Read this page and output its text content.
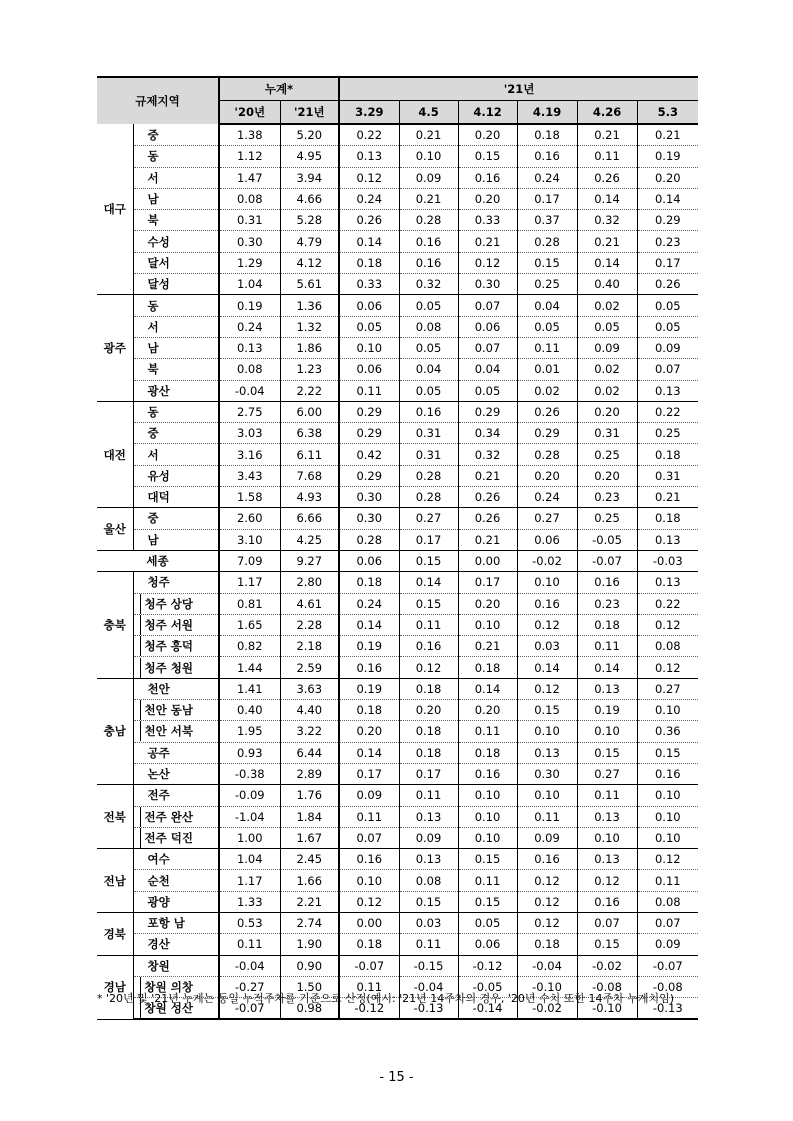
규제지역		누계*		'21년					
		'20년	'21년	3.29	4.5	4.12	4.19	4.26	5.3
대구	중	1.38	5.20	0.22	0.21	0.20	0.18	0.21	0.21
	동	1.12	4.95	0.13	0.10	0.15	0.16	0.11	0.19
	서	1.47	3.94	0.12	0.09	0.16	0.24	0.26	0.20
	남	0.08	4.66	0.24	0.21	0.20	0.17	0.14	0.14
	북	0.31	5.28	0.26	0.28	0.33	0.37	0.32	0.29
	수성	0.30	4.79	0.14	0.16	0.21	0.28	0.21	0.23
	달서	1.29	4.12	0.18	0.16	0.12	0.15	0.14	0.17
	달성	1.04	5.61	0.33	0.32	0.30	0.25	0.40	0.26
광주	동	0.19	1.36	0.06	0.05	0.07	0.04	0.02	0.05
	서	0.24	1.32	0.05	0.08	0.06	0.05	0.05	0.05
	남	0.13	1.86	0.10	0.05	0.07	0.11	0.09	0.09
	북	0.08	1.23	0.06	0.04	0.04	0.01	0.02	0.07
	광산	-0.04	2.22	0.11	0.05	0.05	0.02	0.02	0.13
대전	동	2.75	6.00	0.29	0.16	0.29	0.26	0.20	0.22
	중	3.03	6.38	0.29	0.31	0.34	0.29	0.31	0.25
	서	3.16	6.11	0.42	0.31	0.32	0.28	0.25	0.18
	유성	3.43	7.68	0.29	0.28	0.21	0.20	0.20	0.31
	대덕	1.58	4.93	0.30	0.28	0.26	0.24	0.23	0.21
울산	중	2.60	6.66	0.30	0.27	0.26	0.27	0.25	0.18
	남	3.10	4.25	0.28	0.17	0.21	0.06	-0.05	0.13
세종		7.09	9.27	0.06	0.15	0.00	-0.02	-0.07	-0.03
충북	청주	1.17	2.80	0.18	0.14	0.17	0.10	0.16	0.13
	청주 상당	0.81	4.61	0.24	0.15	0.20	0.16	0.23	0.22
	청주 서원	1.65	2.28	0.14	0.11	0.10	0.12	0.18	0.12
	청주 흥덕	0.82	2.18	0.19	0.16	0.21	0.03	0.11	0.08
	청주 청원	1.44	2.59	0.16	0.12	0.18	0.14	0.14	0.12
충남	천안	1.41	3.63	0.19	0.18	0.14	0.12	0.13	0.27
	천안 동남	0.40	4.40	0.18	0.20	0.20	0.15	0.19	0.10
	천안 서북	1.95	3.22	0.20	0.18	0.11	0.10	0.10	0.36
	공주	0.93	6.44	0.14	0.18	0.18	0.13	0.15	0.15
	논산	-0.38	2.89	0.17	0.17	0.16	0.30	0.27	0.16
전북	전주	-0.09	1.76	0.09	0.11	0.10	0.10	0.11	0.10
	전주 완산	-1.04	1.84	0.11	0.13	0.10	0.11	0.13	0.10
	전주 덕진	1.00	1.67	0.07	0.09	0.10	0.09	0.10	0.10
전남	여수	1.04	2.45	0.16	0.13	0.15	0.16	0.13	0.12
	순천	1.17	1.66	0.10	0.08	0.11	0.12	0.12	0.11
	광양	1.33	2.21	0.12	0.15	0.15	0.12	0.16	0.08
경북	포항 남	0.53	2.74	0.00	0.03	0.05	0.12	0.07	0.07
	경산	0.11	1.90	0.18	0.11	0.06	0.18	0.15	0.09
경남	창원	-0.04	0.90	-0.07	-0.15	-0.12	-0.04	-0.02	-0.07
	창원 의창	-0.27	1.50	0.11	-0.04	-0.05	-0.10	-0.08	-0.08
	창원 성산	-0.07	0.98	-0.12	-0.13	-0.14	-0.02	-0.10	-0.13
* '20년 및 '21년 누계는 동일 누적주차를 기준으로 산정(예시: '21년 14주차의 경우, '20년 수치 또한 14주차 누계치임)
- 15 -
